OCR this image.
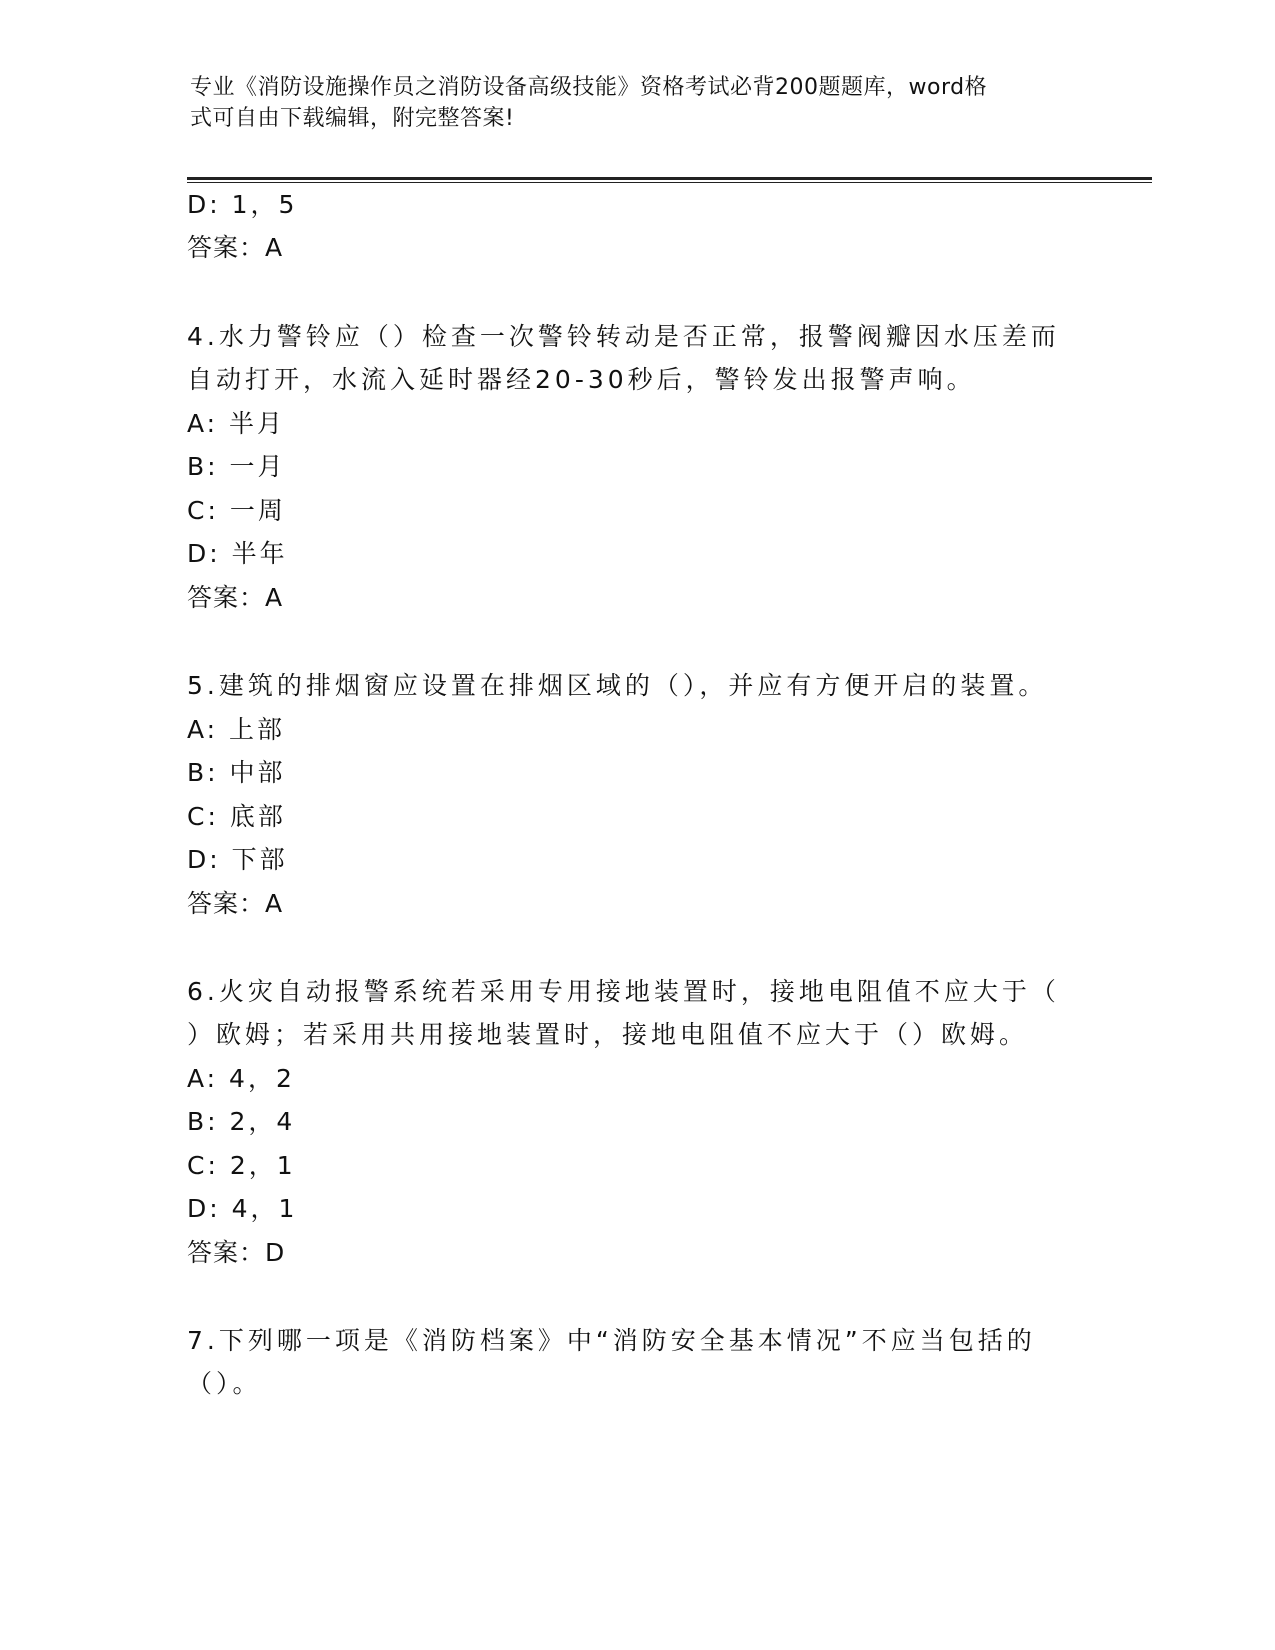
专业《消防设施操作员之消防设备高级技能》资格考试必背200题题库，word格
式可自由下载编辑，附完整答案!
D: 1，5
答案：A
4.水力警铃应（）检查一次警铃转动是否正常，报警阀瓣因水压差而
自动打开，水流入延时器经20-30秒后，警铃发出报警声响。
A: 半月
B: 一月
C: 一周
D: 半年
答案：A
5.建筑的排烟窗应设置在排烟区域的（），并应有方便开启的装置。
A: 上部
B: 中部
C: 底部
D: 下部
答案：A
6.火灾自动报警系统若采用专用接地装置时，接地电阻值不应大于（
）欧姆；若采用共用接地装置时，接地电阻值不应大于（）欧姆。
A: 4，2
B: 2，4
C: 2，1
D: 4，1
答案：D
7.下列哪一项是《消防档案》中“消防安全基本情况”不应当包括的
（）。
